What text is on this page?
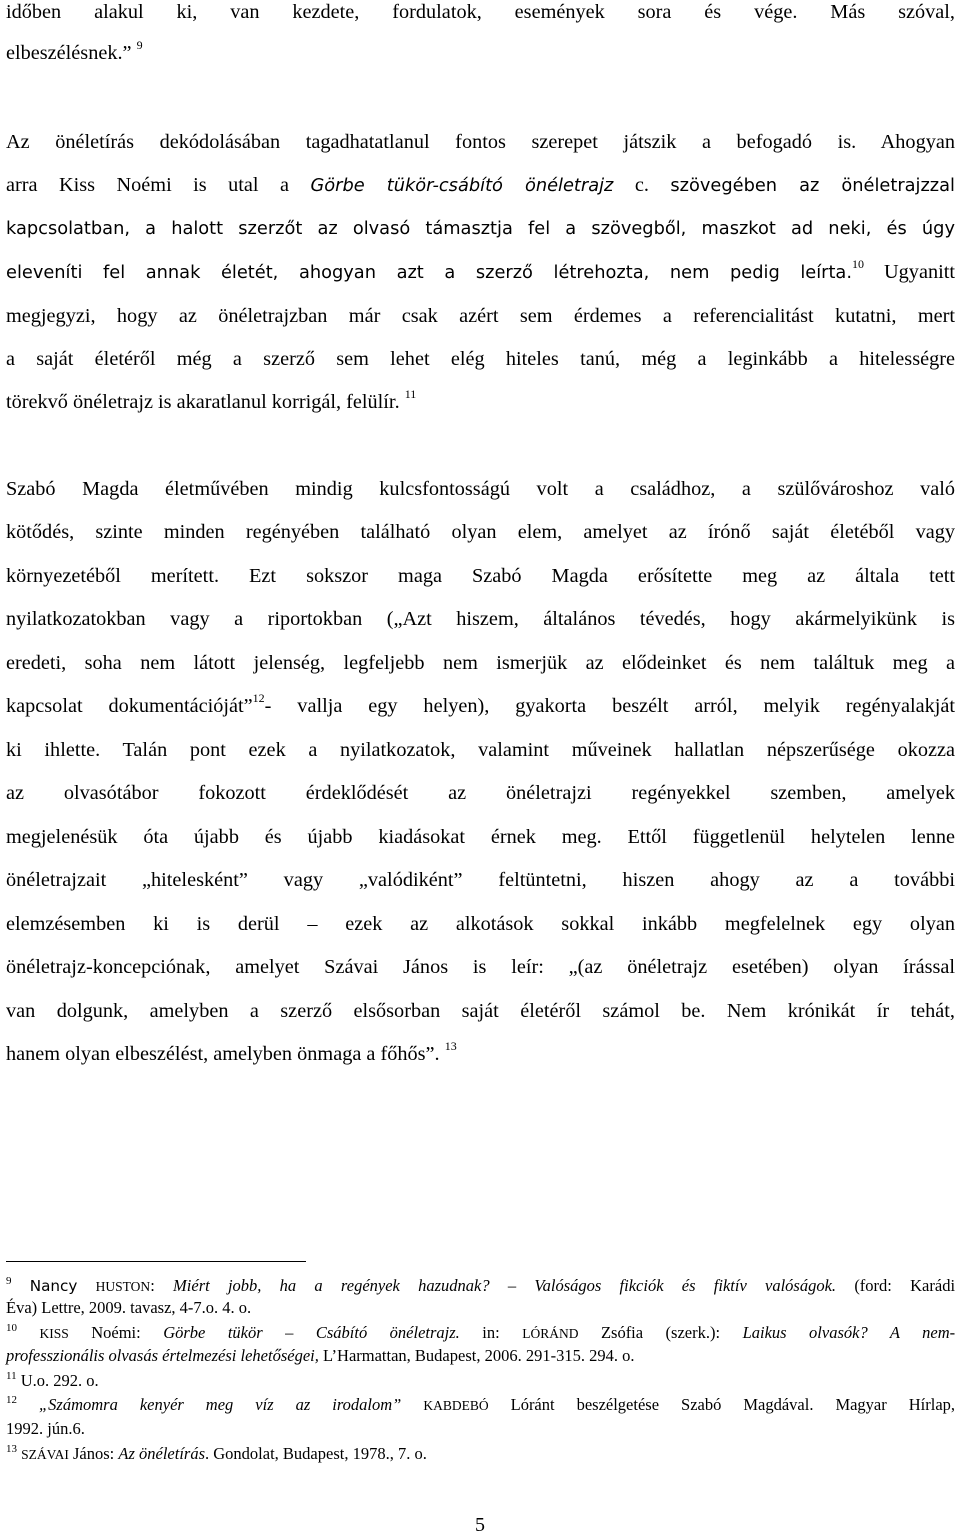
időben alakul ki, van kezdete, fordulatok, események sora és vége. Más szóval,
elbeszélésnek.” $^9$
Az önéletírás dekódolásában tagadhatatlanul fontos szerepet játszik a befogadó is. Ahogyan
arra Kiss Noémi is utal a Görbe tükör-csábító önéletrajz c. szövegében az önéletrajzzal
kapcsolatban, a halott szerzőt az olvasó támasztja fel a szövegből, maszkot ad neki, és úgy
eleveníti fel annak életét, ahogyan azt a szerző létrehozta, nem pedig leírta.$^{10}$ Ugyanitt
megjegyzi, hogy az önéletrajzban már csak azért sem érdemes a referencialitást kutatni, mert
a saját életéről még a szerző sem lehet elég hiteles tanú, még a leginkább a hitelességre
törekvő önéletrajz is akaratlanul korrigál, felülír. $^{11}$
Szabó Magda életművében mindig kulcsfontosságú volt a családhoz, a szülővároshoz való
kötődés, szinte minden regényében található olyan elem, amelyet az írónő saját életéből vagy
környezetéből merített. Ezt sokszor maga Szabó Magda erősítette meg az általa tett
nyilatkozatokban vagy a riportokban („Azt hiszem, általános tévedés, hogy akármelyikünk is
eredeti, soha nem látott jelenség, legfeljebb nem ismerjük az elődeinket és nem találtuk meg a
kapcsolat dokumentációját”$^{12}$- vallja egy helyen), gyakorta beszélt arról, melyik regényalakját
ki ihlette. Talán pont ezek a nyilatkozatok, valamint műveinek hallatlan népszerűsége okozza
az olvasótábor fokozott érdeklődését az önéletrajzi regényekkel szemben, amelyek
megjelenésük óta újabb és újabb kiadásokat érnek meg. Ettől függetlenül helytelen lenne
önéletrajzait „hitelesként” vagy „valódiként” feltüntetni, hiszen ahogy az a további
elemzésemben ki is derül – ezek az alkotások sokkal inkább megfelelnek egy olyan
önéletrajz-koncepciónak, amelyet Szávai János is leír: „(az önéletrajz esetében) olyan írással
van dolgunk, amelyben a szerző elsősorban saját életéről számol be. Nem krónikát ír tehát,
hanem olyan elbeszélést, amelyben önmaga a főhős”. $^{13}$
$^9$ Nancy HUSTON: Miért jobb, ha a regények hazudnak? – Valóságos fikciók és fiktív valóságok. (ford: Karádi
Éva) Lettre, 2009. tavasz, 4-7.o. 4. o.
$^{10}$ KISS Noémi: Görbe tükör – Csábító önéletrajz. in: LÓRÁND Zsófia (szerk.): Laikus olvasók? A nem-
professzionális olvasás értelmezési lehetőségei, L’Harmattan, Budapest, 2006. 291-315. 294. o.
$^{11}$ U.o. 292. o.
$^{12}$ „Számomra kenyér meg víz az irodalom” KABDEBÓ Lóránt beszélgetése Szabó Magdával. Magyar Hírlap,
1992. jún.6.
$^{13}$ SZÁVAI János: Az önéletírás. Gondolat, Budapest, 1978., 7. o.
5
